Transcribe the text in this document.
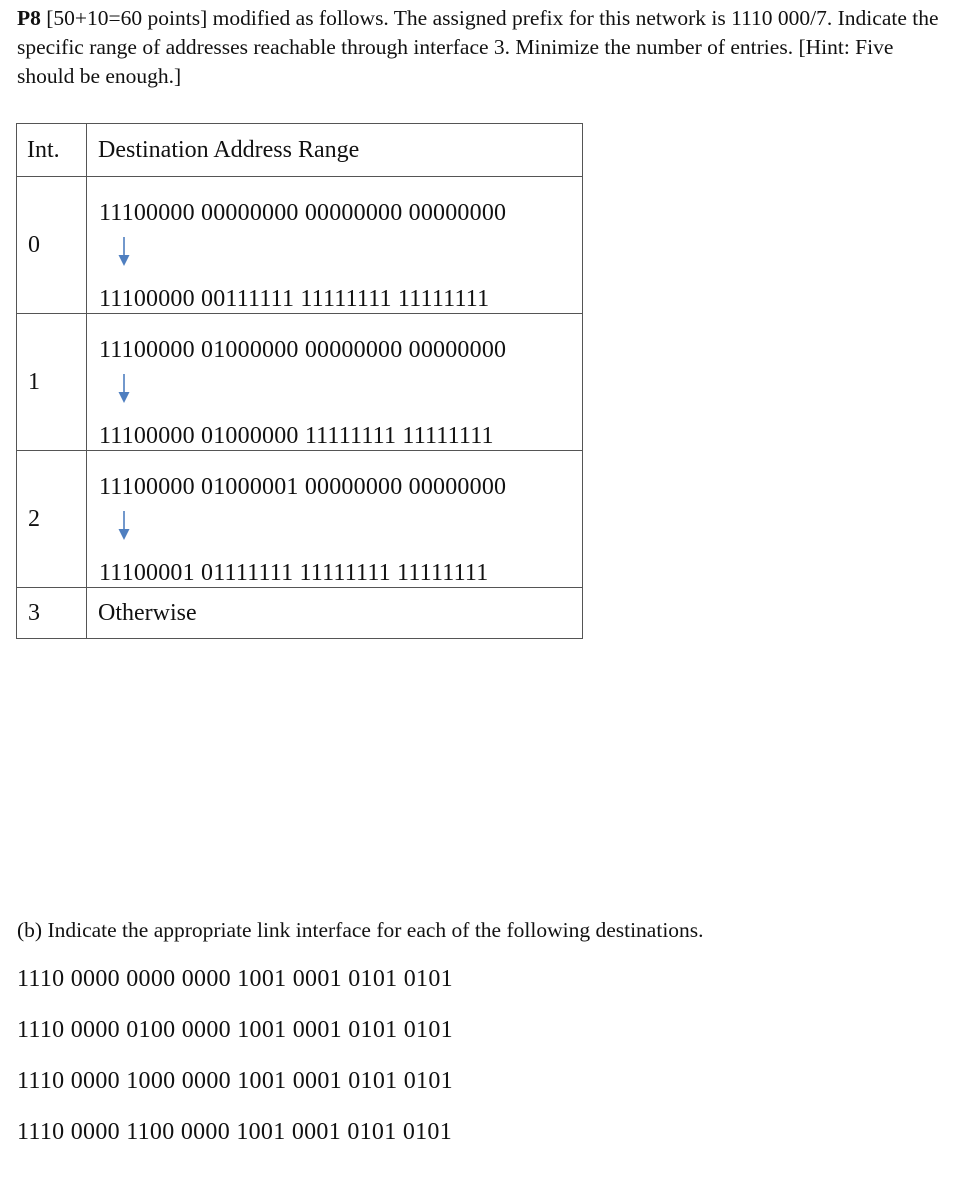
P8 [50+10=60 points] modified as follows. The assigned prefix for this network is 1110 000/7. Indicate the specific range of addresses reachable through interface 3. Minimize the number of entries. [Hint: Five should be enough.]
Int.	Destination Address Range
0	11100000 00000000 00000000 00000000
11100000 00111111 11111111 11111111

1	11100000 01000000 00000000 00000000
11100000 01000000 11111111 11111111

2	11100000 01000001 00000000 00000000
11100001 01111111 11111111 11111111

3	Otherwise
(b) Indicate the appropriate link interface for each of the following destinations.
1110 0000 0000 0000 1001 0001 0101 0101
1110 0000 0100 0000 1001 0001 0101 0101
1110 0000 1000 0000 1001 0001 0101 0101
1110 0000 1100 0000 1001 0001 0101 0101
